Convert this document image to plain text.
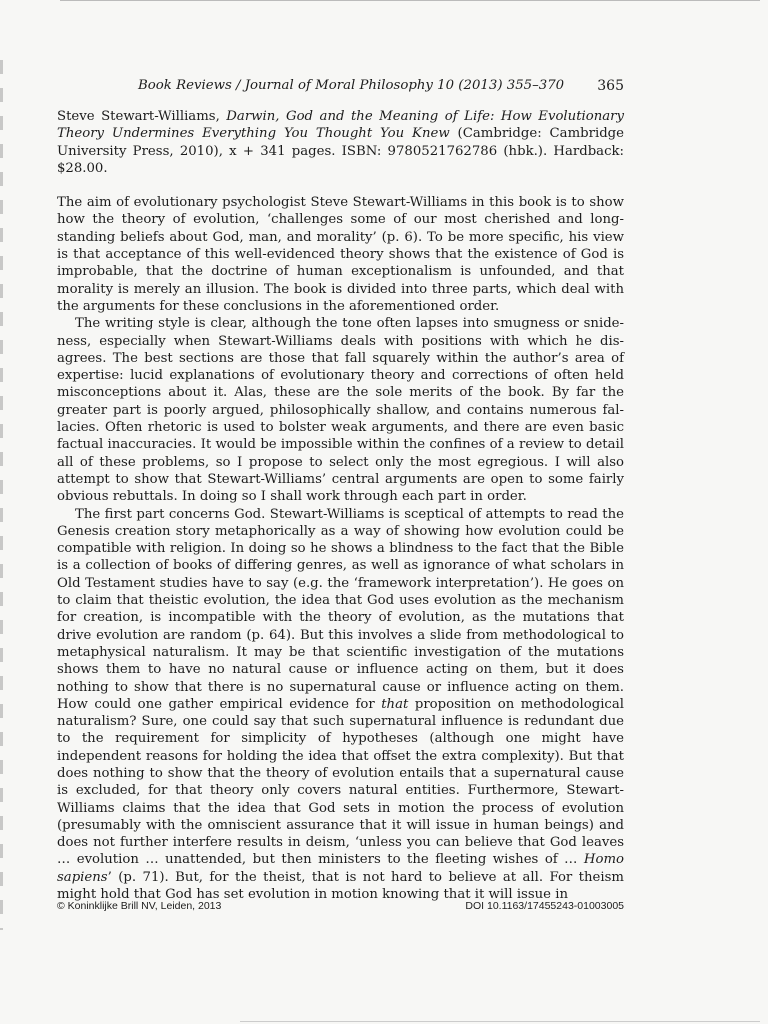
Book Reviews / Journal of Moral Philosophy 10 (2013) 355–370 365

Steve Stewart-Williams, Darwin, God and the Meaning of Life: How Evolutionary Theory Undermines Everything You Thought You Knew (Cambridge: Cambridge University Press, 2010), x + 341 pages. ISBN: 9780521762786 (hbk.). Hardback: $28.00.

The aim of evolutionary psychologist Steve Stewart-Williams in this book is to show how the theory of evolution, ‘challenges some of our most cherished and long-standing beliefs about God, man, and morality’ (p. 6). To be more specific, his view is that acceptance of this well-evidenced theory shows that the existence of God is improbable, that the doctrine of human exceptionalism is unfounded, and that morality is merely an illusion. The book is divided into three parts, which deal with the arguments for these conclusions in the aforementioned order.

The writing style is clear, although the tone often lapses into smugness or snideness, especially when Stewart-Williams deals with positions with which he disagrees. The best sections are those that fall squarely within the author’s area of expertise: lucid explanations of evolutionary theory and corrections of often held misconceptions about it. Alas, these are the sole merits of the book. By far the greater part is poorly argued, philosophically shallow, and contains numerous fallacies. Often rhetoric is used to bolster weak arguments, and there are even basic factual inaccuracies. It would be impossible within the confines of a review to detail all of these problems, so I propose to select only the most egregious. I will also attempt to show that Stewart-Williams’ central arguments are open to some fairly obvious rebuttals. In doing so I shall work through each part in order.

The first part concerns God. Stewart-Williams is sceptical of attempts to read the Genesis creation story metaphorically as a way of showing how evolution could be compatible with religion. In doing so he shows a blindness to the fact that the Bible is a collection of books of differing genres, as well as ignorance of what scholars in Old Testament studies have to say (e.g. the ‘framework interpretation’). He goes on to claim that theistic evolution, the idea that God uses evolution as the mechanism for creation, is incompatible with the theory of evolution, as the mutations that drive evolution are random (p. 64). But this involves a slide from methodological to metaphysical naturalism. It may be that scientific investigation of the mutations shows them to have no natural cause or influence acting on them, but it does nothing to show that there is no supernatural cause or influence acting on them. How could one gather empirical evidence for that proposition on methodological naturalism? Sure, one could say that such supernatural influence is redundant due to the requirement for simplicity of hypotheses (although one might have independent reasons for holding the idea that offset the extra complexity). But that does nothing to show that the theory of evolution entails that a supernatural cause is excluded, for that theory only covers natural entities. Furthermore, Stewart-Williams claims that the idea that God sets in motion the process of evolution (presumably with the omniscient assurance that it will issue in human beings) and does not further interfere results in deism, ‘unless you can believe that God leaves … evolution … unattended, but then ministers to the fleeting wishes of … Homo sapiens’ (p. 71). But, for the theist, that is not hard to believe at all. For theism might hold that God has set evolution in motion knowing that it will issue in

© Koninklijke Brill NV, Leiden, 2013	DOI 10.1163/17455243-01003005
